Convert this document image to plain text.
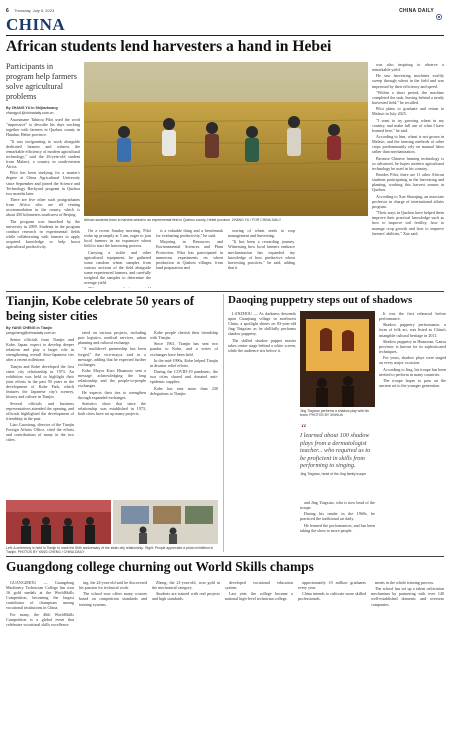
6 Thursday, July 6, 2023	CHINA DAILY
CHINA
African students lend harvesters a hand in Hebei
Participants in program help farmers solve agricultural problems
By ZHANG YU in Shijiazhuang
zhangyu1@chinadaily.com.cn

Assoumane Tahirou Pilot used the word "impressive" to describe his days working together with farmers in Quzhou county in Handan, Hebei province.

"It was invigorating to work alongside dedicated farmers and witness the remarkable efficiency of modern agricultural technology," said the 26-year-old student from Malawi, a country in south-eastern Africa.

Pilot has been studying for a master's degree at China Agricultural University since September and joined the Science and Technology Backyard program in Quzhou two months later.

There are five other such postgraduates from Africa who are all renting accommodation in the county, which is about 450 kilometers southwest of Beijing.

The program was launched by the university in 2009. Students in the program conduct research in experimental fields while collaborating with farmers to apply acquired knowledge to help boost agricultural productivity.

African students learn to harvest wheat in an experimental field in Quzhou county, Hebei province. ZHANG YU / FOR CHINA DAILY

On a recent Sunday morning, Pilot woke up promptly at 5 am, eager to join local farmers in an expansive wheat field to start the harvesting process.

Carrying a sickle and other agricultural equipment, he gathered some random wheat samples from various sections of the field alongside some experienced farmers, and carefully weighed the samples to determine the average yield.

is a valuable thing and a benchmark for evaluating productivity," he said.

Majoring in Resources and Environmental Sciences and Plant Protection, Pilot has participated in numerous experiments on wheat production in Quzhou villages, from land preparation and

sowing of wheat seeds to crop management and harvesting.

"It has been a rewarding journey. Witnessing how local farmers embrace mechanization has expanded my knowledge of how productive wheat harvesting practices," he said, adding that it

was also inspiring to observe a remarkable yield.

He saw harvesting machines swiftly sweep through wheat in the field and was impressed by their efficiency and speed.

"Within a short period, the machine completed the task, leaving behind a neatly harvested field," he recalled.

Pilot plans to graduate and return to Malawi in July 2025.

"I want to try growing wheat in my country, and make full use of what I have learned here," he said.

According to him, wheat is not grown in Malawi, and the farming methods of other crops predominantly rely on manual labor rather than mechanization.

Because Chinese farming technology is so advanced, he hopes modern agricultural technology be used in his country.

Besides Pilot, there are 11 other African students participating in the harvesting and planting, working this harvest season in Quzhou.

According to Xue Shaoqing, an associate professor in charge of international affairs program.

"Their stays in Quzhou have helped them improve their practical knowledge such as how to improve soil fertility, how to manage crop growth and how to improve farmers' abilities," Xue said.

Tianjin, Kobe celebrate 50 years of being sister cities
By YANG CHENG in Tianjin
yangcheng@chinadaily.com.cn

Senior officials from Tianjin and Kobe, Japan, expect to develop deeper relations and play a larger role in strengthening overall Sino-Japanese ties after a recent milestone.

Tianjin and Kobe developed the first sister city relationship in 1973. An exhibition was held to highlight their joint efforts in the past 50 years in the development of Kobe Park, which features the Japanese city's scenery, history and culture in Tianjin.

Several officials and business representatives attended the opening, and officials highlighted the development of friendship in the past.

Liao Guoxiong, director of the Tianjin Foreign Affairs Office, cited the efforts and contributions of many in the two cities.

rated on various projects, including port logistics, medical services, urban planning and cultural exchange.

"A multilevel partnership has been forged," the vice-mayor said in a message, adding that he expected further exchanges.

Kobe Mayor Kizo Hisamoto sent a message acknowledging the long relationship and the people-to-people exchanges.

He expects their ties to strengthen through expanded exchanges.

Statistics show that since the relationship was established in 1973, both cities have set up many projects.

Kobe people cherish their friendship with Tianjin.

Since 1961, Tianjin has sent two pandas to Kobe, and a series of exchanges have been held.

In the mid-1990s, Kobe helped Tianjin in disaster relief efforts.

During the COVID-19 pandemic, the two cities shared and donated anti-epidemic supplies.

Kobe has sent more than 230 delegations to Tianjin.

Left: A ceremony is held in Tianjin to mark the 50th anniversary of the sister-city relationship. Right: People appreciate a photo exhibition in Tianjin. PHOTOS BY YANG CHENG / CHINA DAILY
Daoqing puppetry steps out of shadows

LANZHOU — As darkness descends upon Cuanjiang village in northwest China, a spotlight shines on 83-year-old Jing Tingxiao as he skillfully performs shadow puppetry.

The skilled shadow puppet master takes center stage behind a white screen, while the audience sits before it.

Jing Tingxiao performs a shadow play with his team. PHOTOS BY XINHUA
“
I learned about 100 shadow plays from a dermatologist teacher... who required us to be proficient in skills from performing to singing.
Jing Tingxiao, head of the Jing family troupe

and Jing Tingxiao, who is now head of the troupe.

During his tender in the 1960s, he practiced the traditional art daily.

He learned the performances, and has been taking the show to more people.

It was the first rehearsal before performance.

Shadow puppetry performance, a form of folk art, was listed as China's intangible cultural heritage in 2011.

Shadow puppetry in Huanxian, Gansu province, is known for its sophisticated techniques.

For years, shadow plays were staged on every major occasion.

According to Jing, his troupe has been invited to perform in many countries.

The troupe hopes to pass on the ancient art to the younger generation.

Guangdong college churning out World Skills champs

GUANGZHOU — Guangdong Machinery Technician College has won 16 gold medals at the WorldSkills Competition, becoming the largest contributor of champions among vocational institutions in China.

For many, the 46th WorldSkills Competition is a global event that celebrates vocational skills excellence.

ing, the 24-year-old said he discovered his passion for technical work.

The school now offers many courses based on competition standards and training systems.

Zheng, the 21-year-old, won gold in the mechanical category.

Students are trained with real projects and high standards.

developed vocational education system.

Last year, the college became a national high-level technician college.

approximately 10 million graduates every year.

China intends to cultivate more skilled professionals.

ments in the whole training process.

The school has set up a talent cultivation mechanism by partnering with over 140 well-established domestic and overseas companies.
